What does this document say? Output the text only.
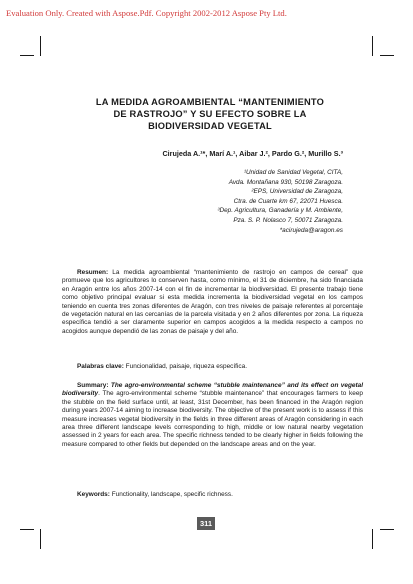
Evaluation Only. Created with Aspose.Pdf. Copyright 2002-2012 Aspose Pty Ltd.
LA MEDIDA AGROAMBIENTAL “MANTENIMIENTO
DE RASTROJO” Y SU EFECTO SOBRE LA
BIODIVERSIDAD VEGETAL
Cirujeda A.¹*, Marí A.¹, Aibar J.², Pardo G.², Murillo S.³
¹Unidad de Sanidad Vegetal, CITA,
Avda. Montañana 930, 50198 Zaragoza.
²EPS, Universidad de Zaragoza,
Ctra. de Cuarte km 67, 22071 Huesca.
³Dep. Agricultura, Ganadería y M. Ambiente,
Pza. S. P. Nolasco 7, 50071 Zaragoza.
*acirujeda@aragon.es

Resumen: La medida agroambiental “mantenimiento de rastrojo en campos de cereal” que promueve que los agricultores lo conserven hasta, como mínimo, el 31 de diciembre, ha sido financiada en Aragón entre los años 2007-14 con el fin de incrementar la biodiversidad. El presente trabajo tiene como objetivo principal evaluar si esta medida incrementa la biodiversidad vegetal en los campos teniendo en cuenta tres zonas diferentes de Aragón, con tres niveles de paisaje referentes al porcentaje de vegetación natural en las cercanías de la parcela visitada y en 2 años diferentes por zona. La riqueza específica tendió a ser claramente superior en campos acogidos a la medida respecto a campos no acogidos aunque dependió de las zonas de paisaje y del año.

Palabras clave: Funcionalidad, paisaje, riqueza específica.

Summary: The agro-environmental scheme “stubble maintenance” and its effect on vegetal biodiversity. The agro-environmental scheme “stubble maintenance” that encourages farmers to keep the stubble on the field surface until, at least, 31st December, has been financed in the Aragón region during years 2007-14 aiming to increase biodiversity. The objective of the present work is to assess if this measure increases vegetal biodiversity in the fields in three different areas of Aragón considering in each area three different landscape levels corresponding to high, middle or low natural nearby vegetation assessed in 2 years for each area. The specific richness tended to be clearly higher in fields following the measure compared to other fields but depended on the landscape areas and on the year.

Keywords: Functionality, landscape, specific richness.

311
